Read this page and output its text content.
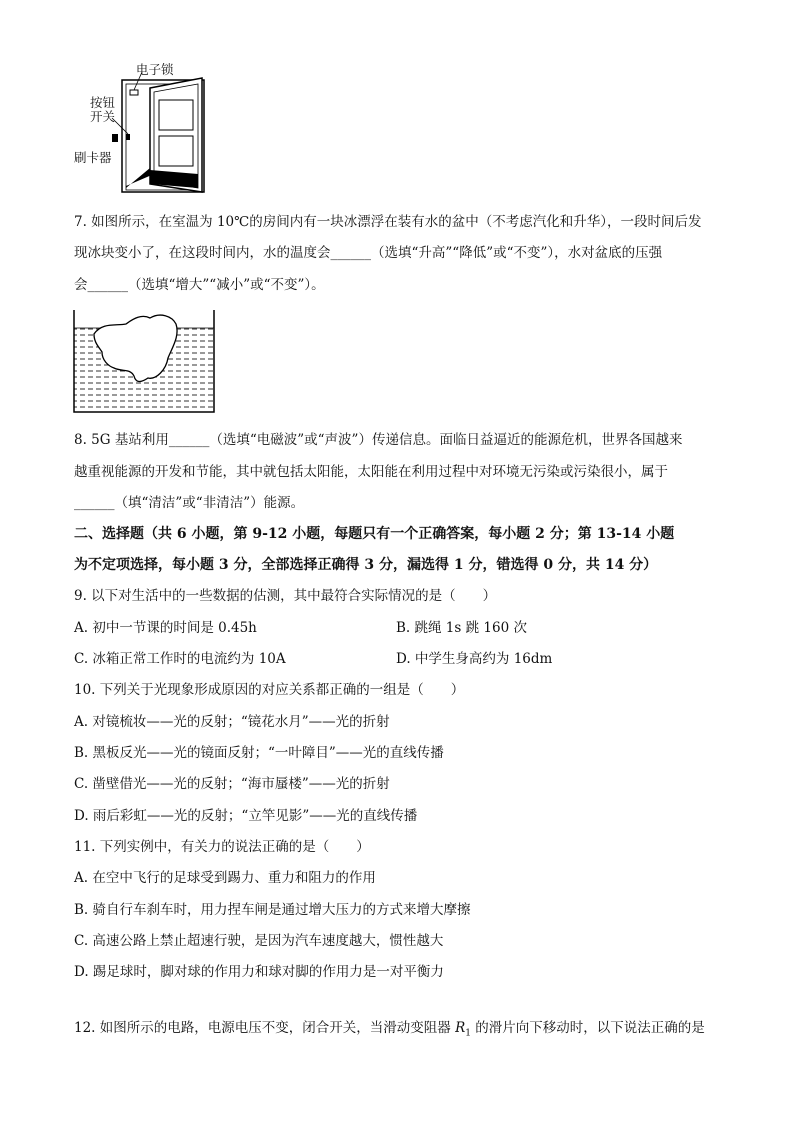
电子锁
按钮
开关
刷卡器
7. 如图所示，在室温为 10℃的房间内有一块冰漂浮在装有水的盆中（不考虑汽化和升华），一段时间后发
现冰块变小了，在这段时间内，水的温度会______（选填“升高”“降低”或“不变”），水对盆底的压强
会______（选填“增大”“减小”或“不变”）。
8. 5G 基站利用______（选填“电磁波”或“声波”）传递信息。面临日益逼近的能源危机，世界各国越来
越重视能源的开发和节能，其中就包括太阳能，太阳能在利用过程中对环境无污染或污染很小，属于
______（填“清洁”或“非清洁”）能源。
二、选择题（共 6 小题，第 9-12 小题，每题只有一个正确答案，每小题 2 分；第 13-14 小题
为不定项选择，每小题 3 分，全部选择正确得 3 分，漏选得 1 分，错选得 0 分，共 14 分）
9. 以下对生活中的一些数据的估测，其中最符合实际情况的是（　　）
A. 初中一节课的时间是 0.45h	B. 跳绳 1s 跳 160 次
C. 冰箱正常工作时的电流约为 10A	D. 中学生身高约为 16dm
10. 下列关于光现象形成原因的对应关系都正确的一组是（　　）
A. 对镜梳妆——光的反射；“镜花水月”——光的折射
B. 黑板反光——光的镜面反射；“一叶障目”——光的直线传播
C. 凿壁借光——光的反射；“海市蜃楼”——光的折射
D. 雨后彩虹——光的反射；“立竿见影”——光的直线传播
11. 下列实例中，有关力的说法正确的是（　　）
A. 在空中飞行的足球受到踢力、重力和阻力的作用
B. 骑自行车刹车时，用力捏车闸是通过增大压力的方式来增大摩擦
C. 高速公路上禁止超速行驶，是因为汽车速度越大，惯性越大
D. 踢足球时，脚对球的作用力和球对脚的作用力是一对平衡力
12. 如图所示的电路，电源电压不变，闭合开关，当滑动变阻器 $R_1$ 的滑片向下移动时，以下说法正确的是
